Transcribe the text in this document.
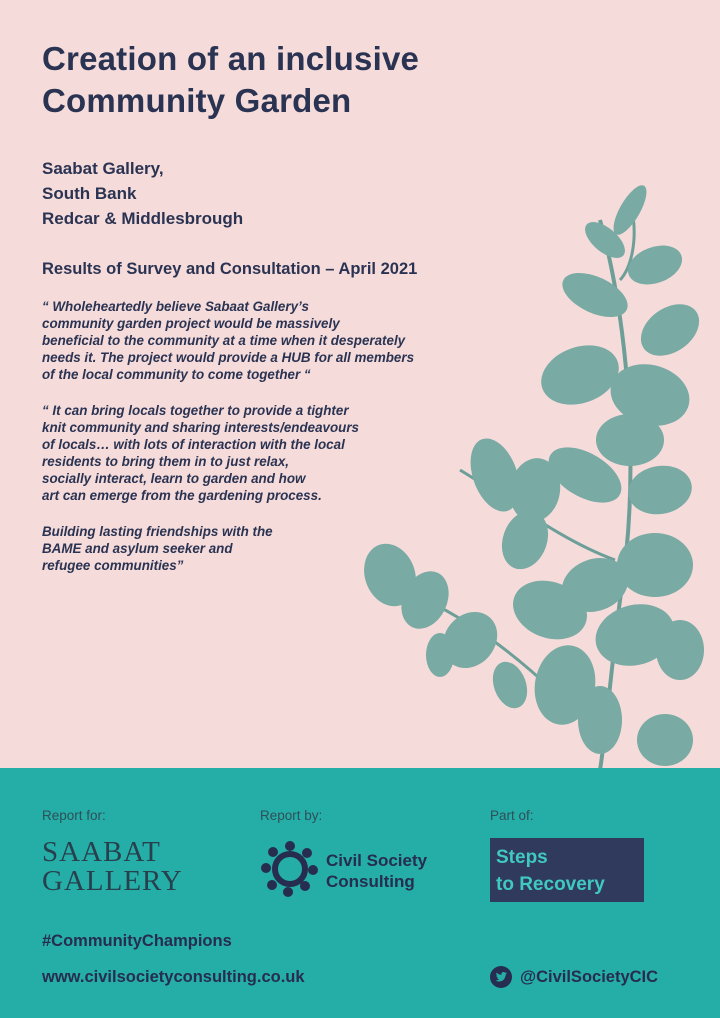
Creation of an inclusive
Community Garden
Saabat Gallery,
South Bank
Redcar & Middlesbrough
Results of Survey and Consultation – April 2021

“ Wholeheartedly believe Sabaat Gallery’s
community garden project would be massively
beneficial to the community at a time when it desperately
needs it. The project would provide a HUB for all members
of the local community to come together “

“ It can bring locals together to provide a tighter
knit community and sharing interests/endeavours
of locals… with lots of interaction with the local
residents to bring them in to just relax,
socially interact, learn to garden and how
art can emerge from the gardening process.

Building lasting friendships with the
BAME and asylum seeker and
refugee communities”

Report for:
SAABAT
GALLERY
Report by:
Civil Society
Consulting
Part of:
Steps
to Recovery
#CommunityChampions
www.civilsocietyconsulting.co.uk	@CivilSocietyCIC
